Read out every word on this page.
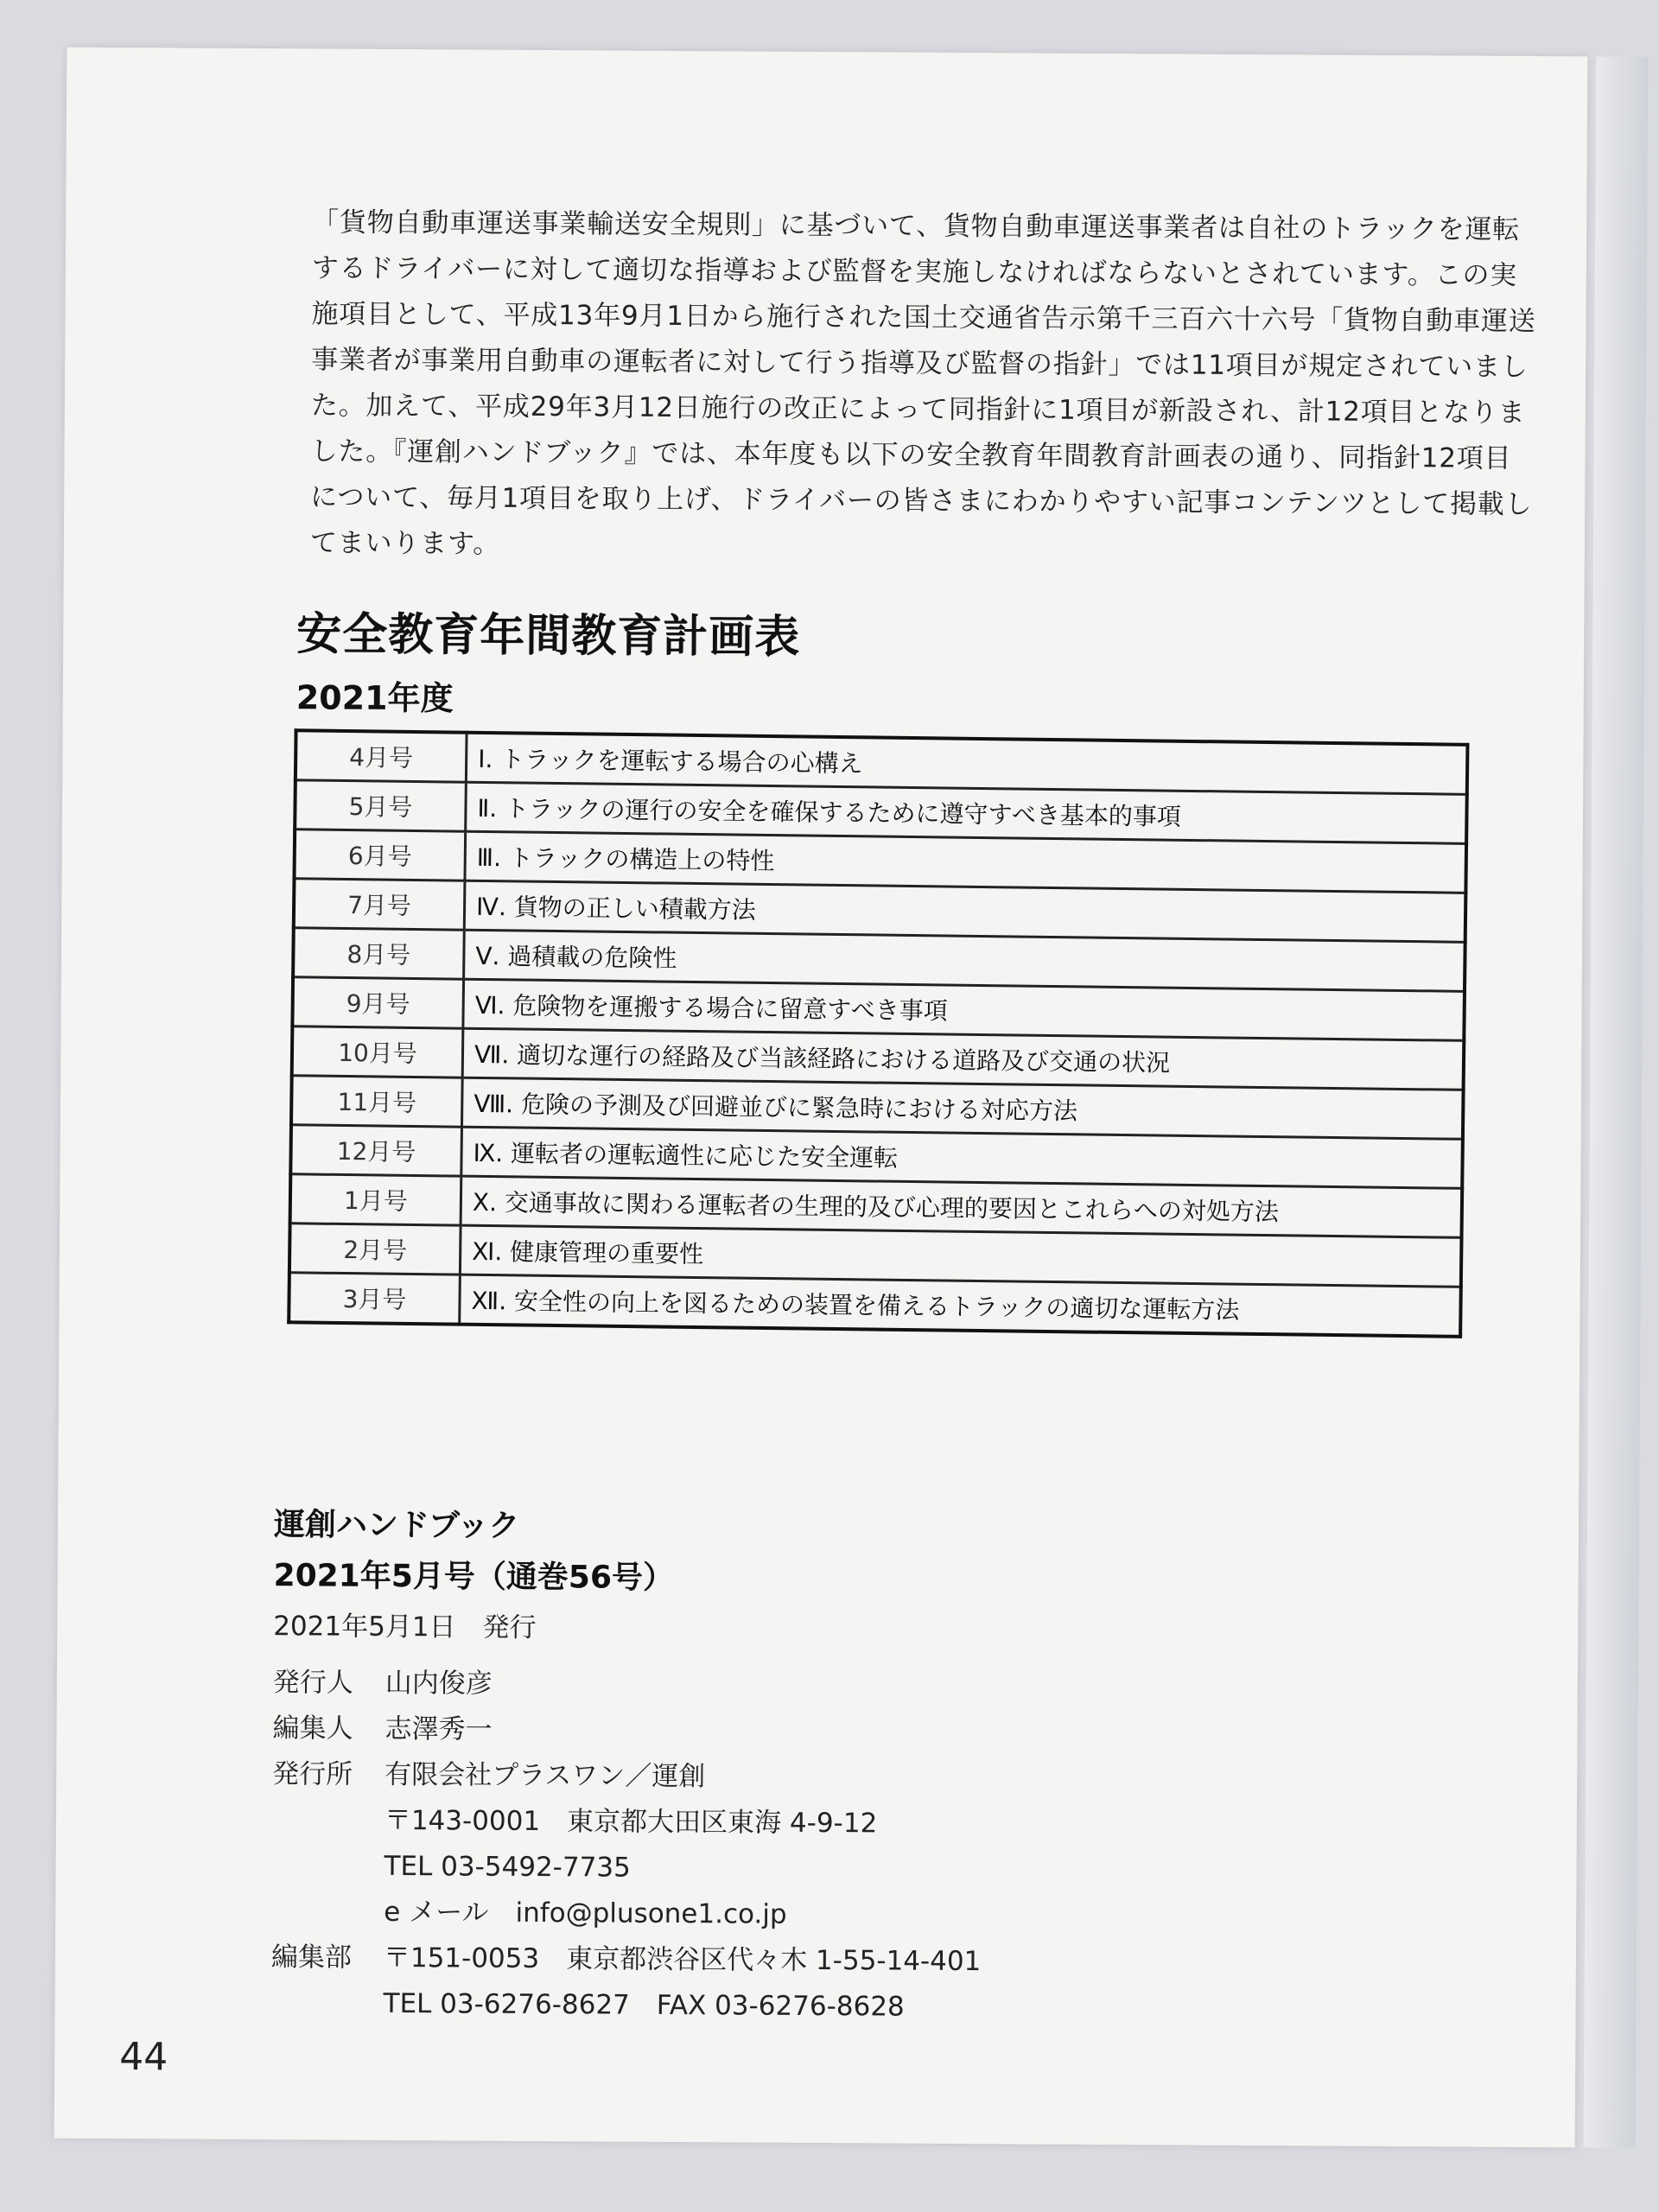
「貨物自動車運送事業輸送安全規則」に基づいて、貨物自動車運送事業者は自社のトラックを運転するドライバーに対して適切な指導および監督を実施しなければならないとされています。この実施項目として、平成13年9月1日から施行された国土交通省告示第千三百六十六号「貨物自動車運送事業者が事業用自動車の運転者に対して行う指導及び監督の指針」では11項目が規定されていました。加えて、平成29年3月12日施行の改正によって同指針に1項目が新設され、計12項目となりました。『運創ハンドブック』では、本年度も以下の安全教育年間教育計画表の通り、同指針12項目について、毎月1項目を取り上げ、ドライバーの皆さまにわかりやすい記事コンテンツとして掲載してまいります。

安全教育年間教育計画表
2021年度
4月号	Ⅰ. トラックを運転する場合の心構え
5月号	Ⅱ. トラックの運行の安全を確保するために遵守すべき基本的事項
6月号	Ⅲ. トラックの構造上の特性
7月号	Ⅳ. 貨物の正しい積載方法
8月号	Ⅴ. 過積載の危険性
9月号	Ⅵ. 危険物を運搬する場合に留意すべき事項
10月号	Ⅶ. 適切な運行の経路及び当該経路における道路及び交通の状況
11月号	Ⅷ. 危険の予測及び回避並びに緊急時における対応方法
12月号	Ⅸ. 運転者の運転適性に応じた安全運転
1月号	Ⅹ. 交通事故に関わる運転者の生理的及び心理的要因とこれらへの対処方法
2月号	Ⅺ. 健康管理の重要性
3月号	Ⅻ. 安全性の向上を図るための装置を備えるトラックの適切な運転方法
運創ハンドブック
2021年5月号（通巻56号）
2021年5月1日　発行
発行人	山内俊彦
編集人	志澤秀一
発行所	有限会社プラスワン／運創
〒143-0001　東京都大田区東海 4-9-12
TEL 03-5492-7735
e メール　info@plusone1.co.jp
編集部	〒151-0053　東京都渋谷区代々木 1-55-14-401
TEL 03-6276-8627　FAX 03-6276-8628
44
